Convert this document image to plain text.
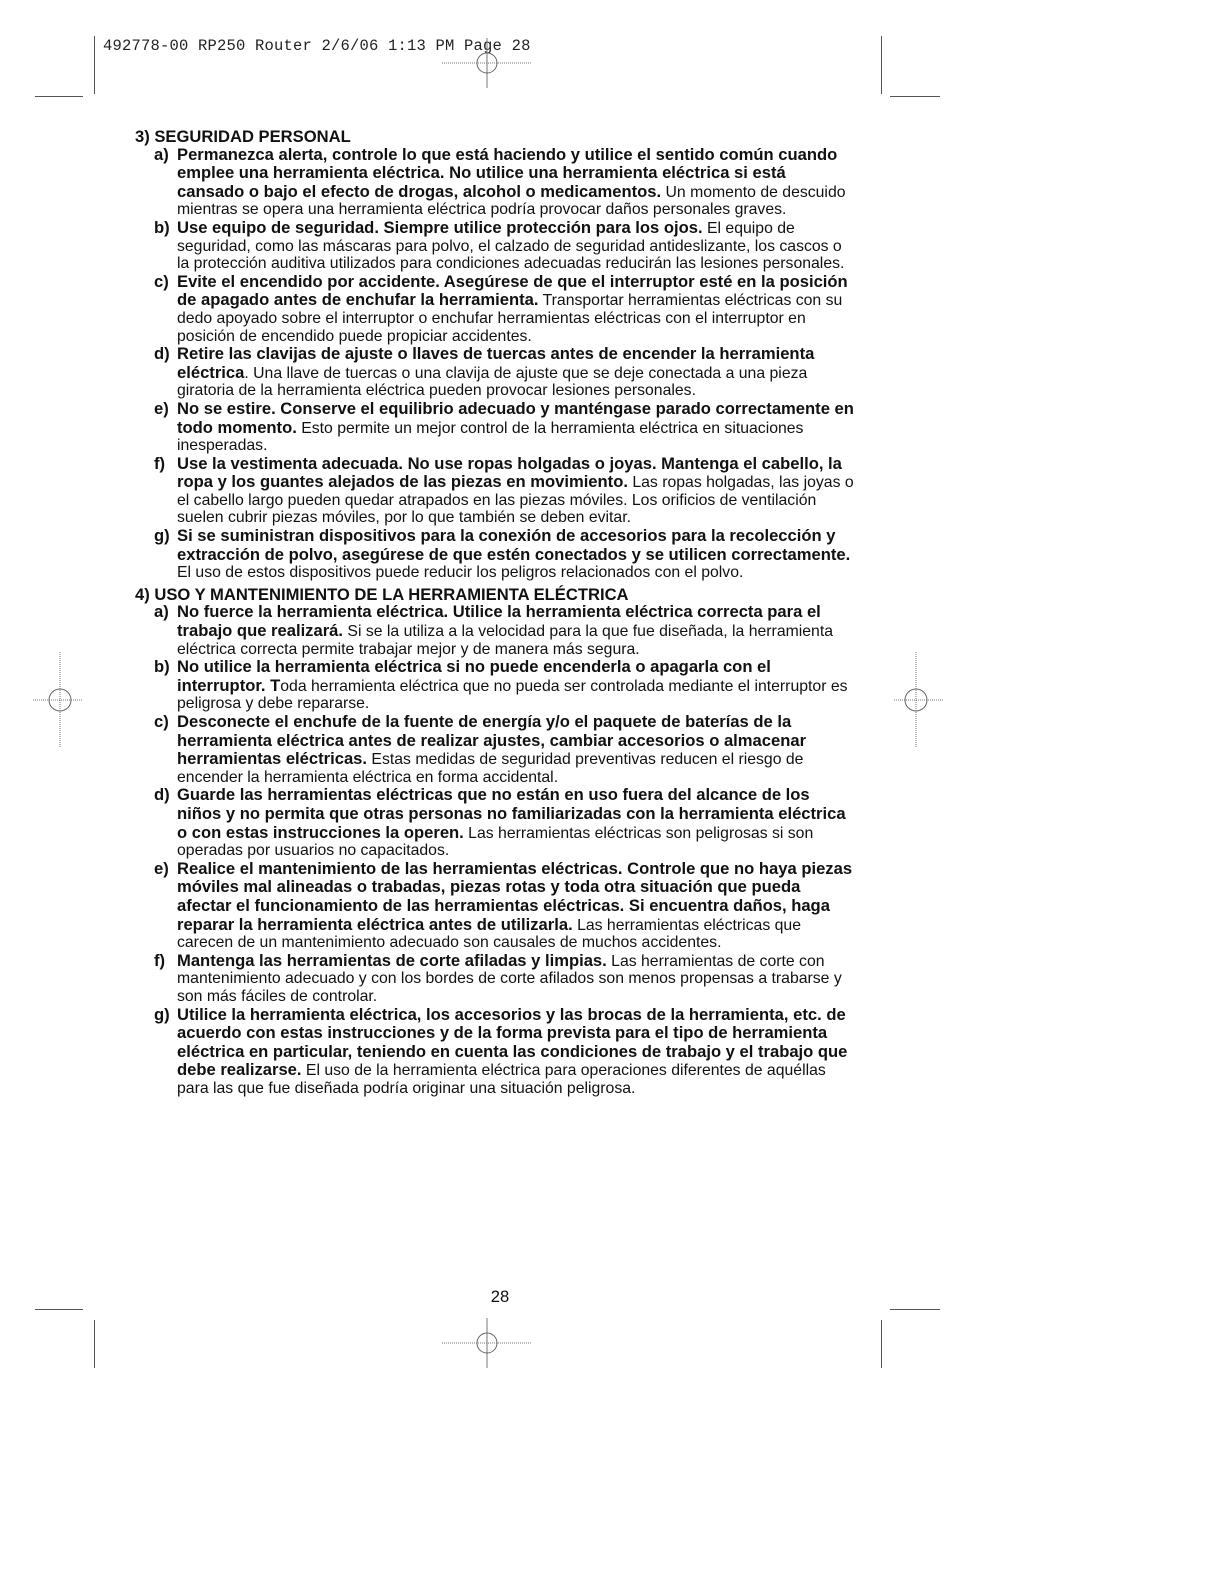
492778-00 RP250 Router 2/6/06 1:13 PM Page 28
3) SEGURIDAD PERSONAL
a) Permanezca alerta, controle lo que está haciendo y utilice el sentido común cuando emplee una herramienta eléctrica. No utilice una herramienta eléctrica si está cansado o bajo el efecto de drogas, alcohol o medicamentos. Un momento de descuido mientras se opera una herramienta eléctrica podría provocar daños personales graves.
b) Use equipo de seguridad. Siempre utilice protección para los ojos. El equipo de seguridad, como las máscaras para polvo, el calzado de seguridad antideslizante, los cascos o la protección auditiva utilizados para condiciones adecuadas reducirán las lesiones personales.
c) Evite el encendido por accidente. Asegúrese de que el interruptor esté en la posición de apagado antes de enchufar la herramienta. Transportar herramientas eléctricas con su dedo apoyado sobre el interruptor o enchufar herramientas eléctricas con el interruptor en posición de encendido puede propiciar accidentes.
d) Retire las clavijas de ajuste o llaves de tuercas antes de encender la herramienta eléctrica. Una llave de tuercas o una clavija de ajuste que se deje conectada a una pieza giratoria de la herramienta eléctrica pueden provocar lesiones personales.
e) No se estire. Conserve el equilibrio adecuado y manténgase parado correctamente en todo momento. Esto permite un mejor control de la herramienta eléctrica en situaciones inesperadas.
f) Use la vestimenta adecuada. No use ropas holgadas o joyas. Mantenga el cabello, la ropa y los guantes alejados de las piezas en movimiento. Las ropas holgadas, las joyas o el cabello largo pueden quedar atrapados en las piezas móviles. Los orificios de ventilación suelen cubrir piezas móviles, por lo que también se deben evitar.
g) Si se suministran dispositivos para la conexión de accesorios para la recolección y extracción de polvo, asegúrese de que estén conectados y se utilicen correctamente. El uso de estos dispositivos puede reducir los peligros relacionados con el polvo.
4) USO Y MANTENIMIENTO DE LA HERRAMIENTA ELÉCTRICA
a) No fuerce la herramienta eléctrica. Utilice la herramienta eléctrica correcta para el trabajo que realizará. Si se la utiliza a la velocidad para la que fue diseñada, la herramienta eléctrica correcta permite trabajar mejor y de manera más segura.
b) No utilice la herramienta eléctrica si no puede encenderla o apagarla con el interruptor. Toda herramienta eléctrica que no pueda ser controlada mediante el interruptor es peligrosa y debe repararse.
c) Desconecte el enchufe de la fuente de energía y/o el paquete de baterías de la herramienta eléctrica antes de realizar ajustes, cambiar accesorios o almacenar herramientas eléctricas. Estas medidas de seguridad preventivas reducen el riesgo de encender la herramienta eléctrica en forma accidental.
d) Guarde las herramientas eléctricas que no están en uso fuera del alcance de los niños y no permita que otras personas no familiarizadas con la herramienta eléctrica o con estas instrucciones la operen. Las herramientas eléctricas son peligrosas si son operadas por usuarios no capacitados.
e) Realice el mantenimiento de las herramientas eléctricas. Controle que no haya piezas móviles mal alineadas o trabadas, piezas rotas y toda otra situación que pueda afectar el funcionamiento de las herramientas eléctricas. Si encuentra daños, haga reparar la herramienta eléctrica antes de utilizarla. Las herramientas eléctricas que carecen de un mantenimiento adecuado son causales de muchos accidentes.
f) Mantenga las herramientas de corte afiladas y limpias. Las herramientas de corte con mantenimiento adecuado y con los bordes de corte afilados son menos propensas a trabarse y son más fáciles de controlar.
g) Utilice la herramienta eléctrica, los accesorios y las brocas de la herramienta, etc. de acuerdo con estas instrucciones y de la forma prevista para el tipo de herramienta eléctrica en particular, teniendo en cuenta las condiciones de trabajo y el trabajo que debe realizarse. El uso de la herramienta eléctrica para operaciones diferentes de aquéllas para las que fue diseñada podría originar una situación peligrosa.
28
